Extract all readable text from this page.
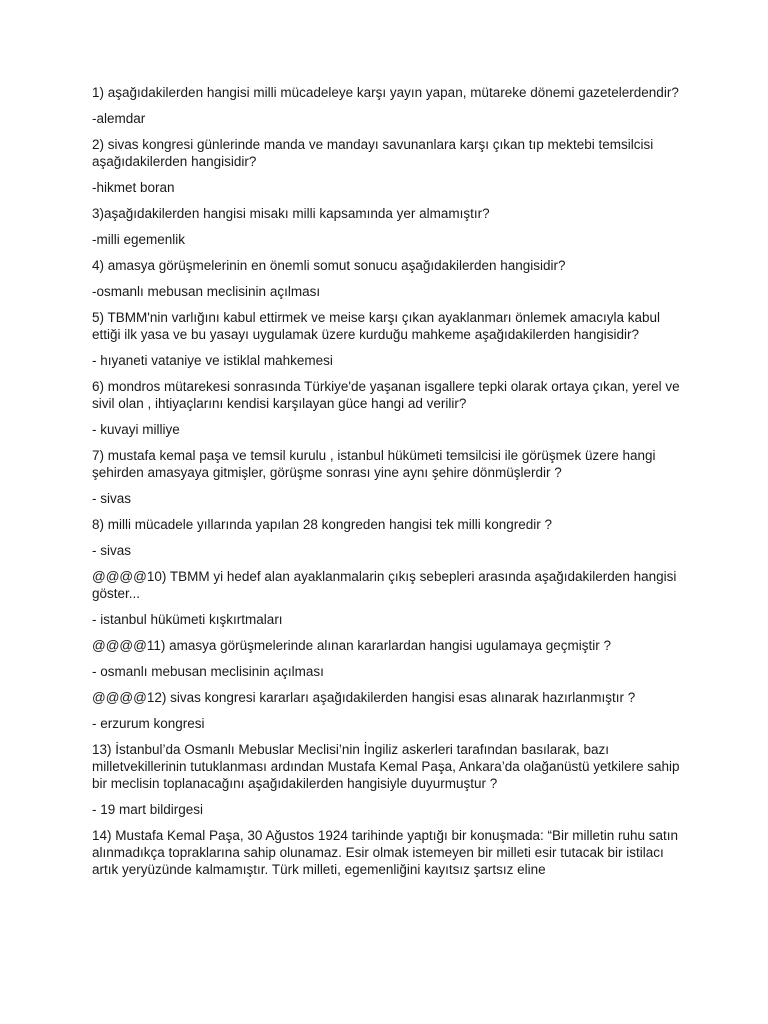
1) aşağıdakilerden hangisi milli mücadeleye karşı yayın yapan, mütareke dönemi gazetelerdendir?

-alemdar

2) sivas kongresi günlerinde manda ve mandayı savunanlara karşı çıkan tıp mektebi temsilcisi aşağıdakilerden hangisidir?

-hikmet boran

3)aşağıdakilerden hangisi misakı milli kapsamında yer almamıştır?

-milli egemenlik

4) amasya görüşmelerinin en önemli somut sonucu aşağıdakilerden hangisidir?

-osmanlı mebusan meclisinin açılması

5) TBMM'nin varlığını kabul ettirmek ve meise karşı çıkan ayaklanmarı önlemek amacıyla kabul ettiği ilk yasa ve bu yasayı uygulamak üzere kurduğu mahkeme aşağıdakilerden hangisidir?

- hıyaneti vataniye ve istiklal mahkemesi

6) mondros mütarekesi sonrasında Türkiye'de yaşanan isgallere tepki olarak ortaya çıkan, yerel ve sivil olan , ihtiyaçlarını kendisi karşılayan güce hangi ad verilir?

- kuvayi milliye

7) mustafa kemal paşa ve temsil kurulu , istanbul hükümeti temsilcisi ile görüşmek üzere hangi şehirden amasyaya gitmişler, görüşme sonrası yine aynı şehire dönmüşlerdir ?

- sivas

8) milli mücadele yıllarında yapılan 28 kongreden hangisi tek milli kongredir ?

- sivas

@@@@10) TBMM yi hedef alan ayaklanmalarin çıkış sebepleri arasında aşağıdakilerden hangisi göster...

- istanbul hükümeti kışkırtmaları

@@@@11) amasya görüşmelerinde alınan kararlardan hangisi ugulamaya geçmiştir ?

- osmanlı mebusan meclisinin açılması

@@@@12) sivas kongresi kararları aşağıdakilerden hangisi esas alınarak hazırlanmıştır ?

- erzurum kongresi

13) İstanbul’da Osmanlı Mebuslar Meclisi’nin İngiliz askerleri tarafından basılarak, bazı milletvekillerinin tutuklanması ardından Mustafa Kemal Paşa, Ankara’da olağanüstü yetkilere sahip bir meclisin toplanacağını aşağıdakilerden hangisiyle duyurmuştur ?

- 19 mart bildirgesi

14) Mustafa Kemal Paşa, 30 Ağustos 1924 tarihinde yaptığı bir konuşmada: “Bir milletin ruhu satın alınmadıkça topraklarına sahip olunamaz. Esir olmak istemeyen bir milleti esir tutacak bir istilacı artık yeryüzünde kalmamıştır. Türk milleti, egemenliğini kayıtsız şartsız eline
